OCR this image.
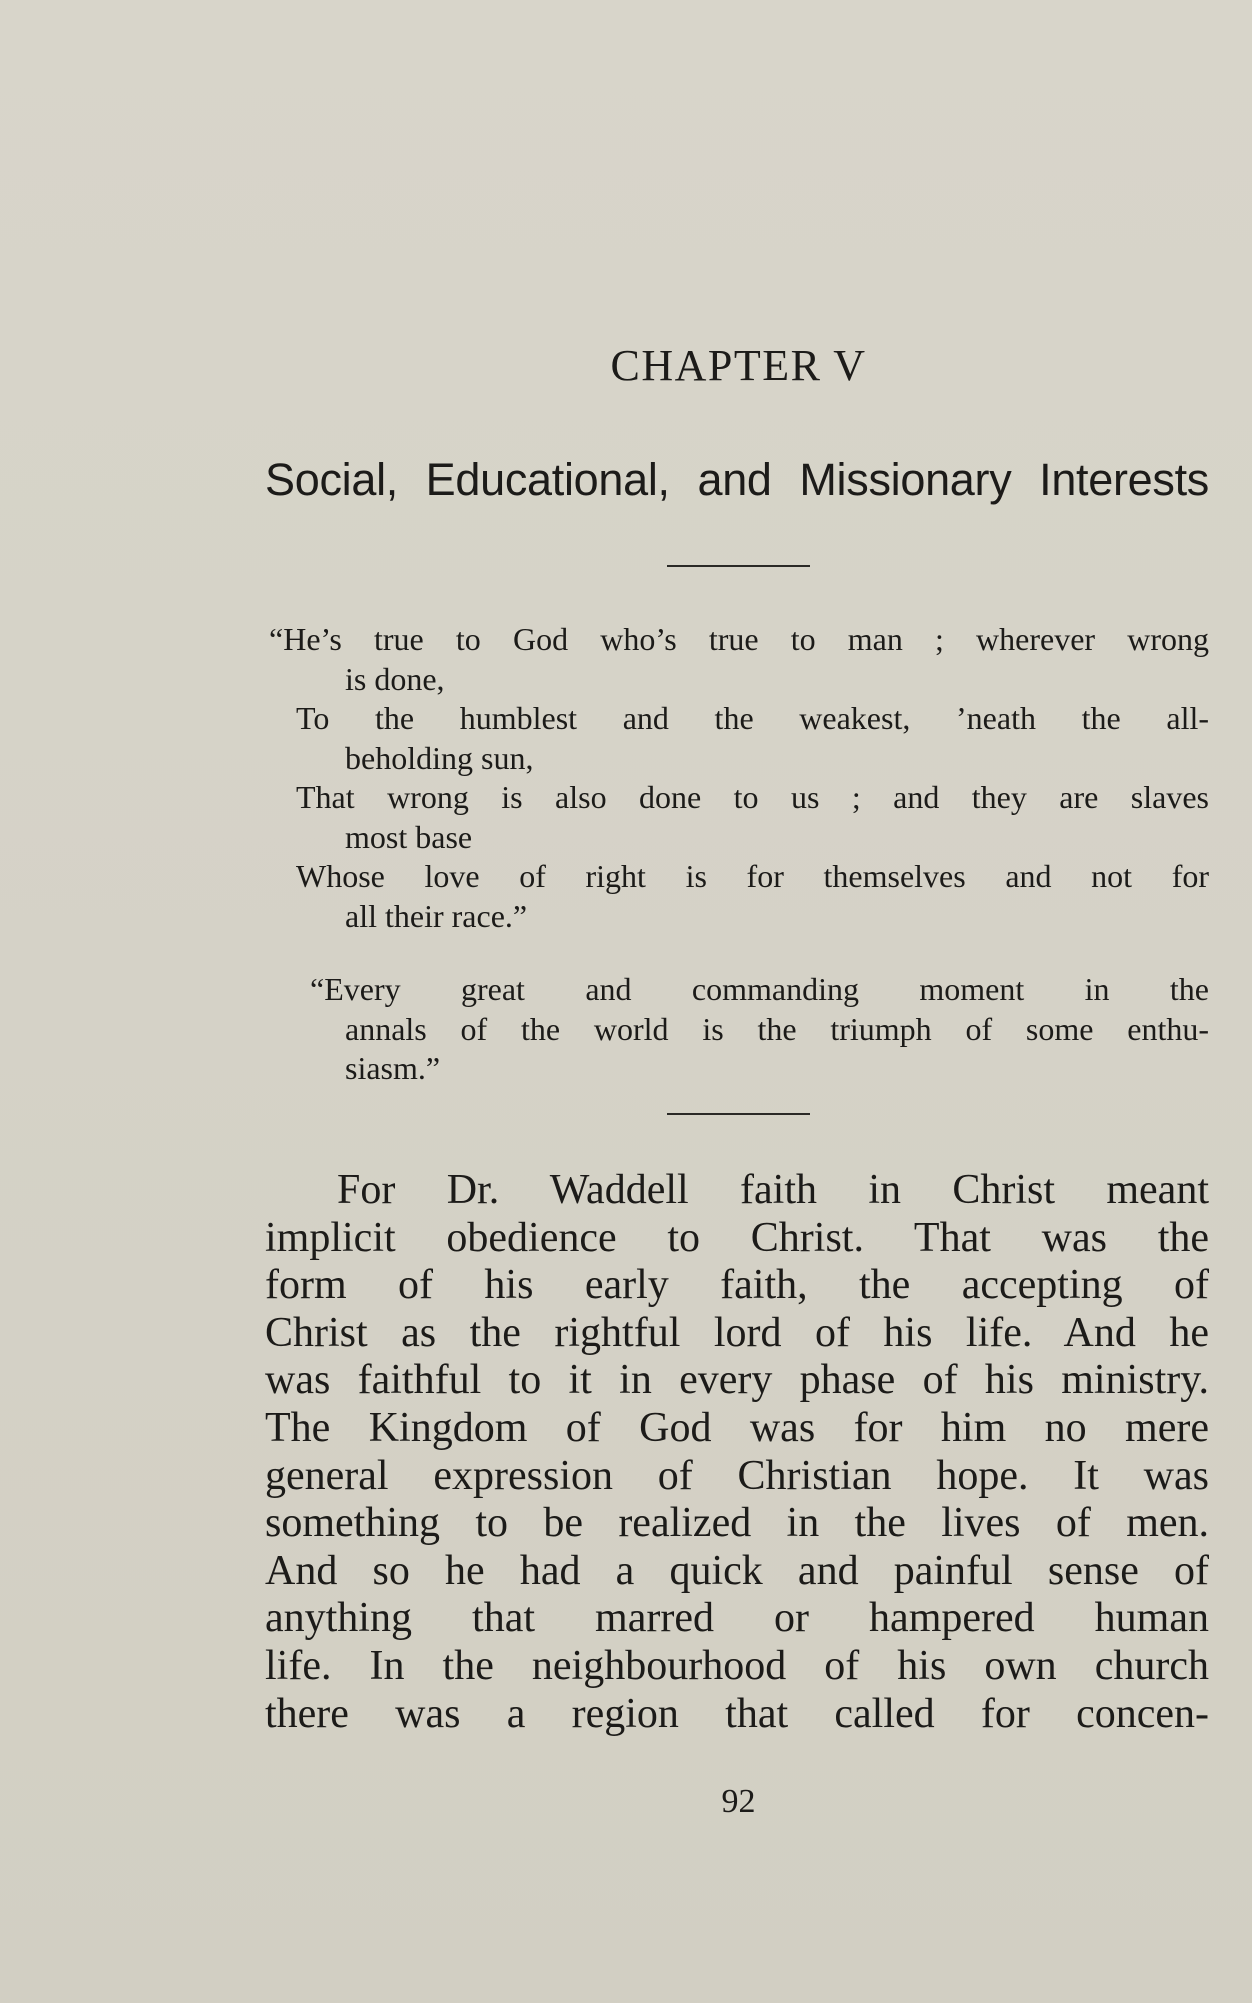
CHAPTER V
Social, Educational, and Missionary Interests
“He’s true to God who’s true to man ; wherever wrong
is done,
To the humblest and the weakest, ’neath the all-
beholding sun,
That wrong is also done to us ; and they are slaves
most base
Whose love of right is for themselves and not for
all their race.”
“Every great and commanding moment in the
annals of the world is the triumph of some enthu-
siasm.”
For Dr. Waddell faith in Christ meant
implicit obedience to Christ. That was the
form of his early faith, the accepting of
Christ as the rightful lord of his life. And he
was faithful to it in every phase of his ministry.
The Kingdom of God was for him no mere
general expression of Christian hope. It was
something to be realized in the lives of men.
And so he had a quick and painful sense of
anything that marred or hampered human
life. In the neighbourhood of his own church
there was a region that called for concen-
92
